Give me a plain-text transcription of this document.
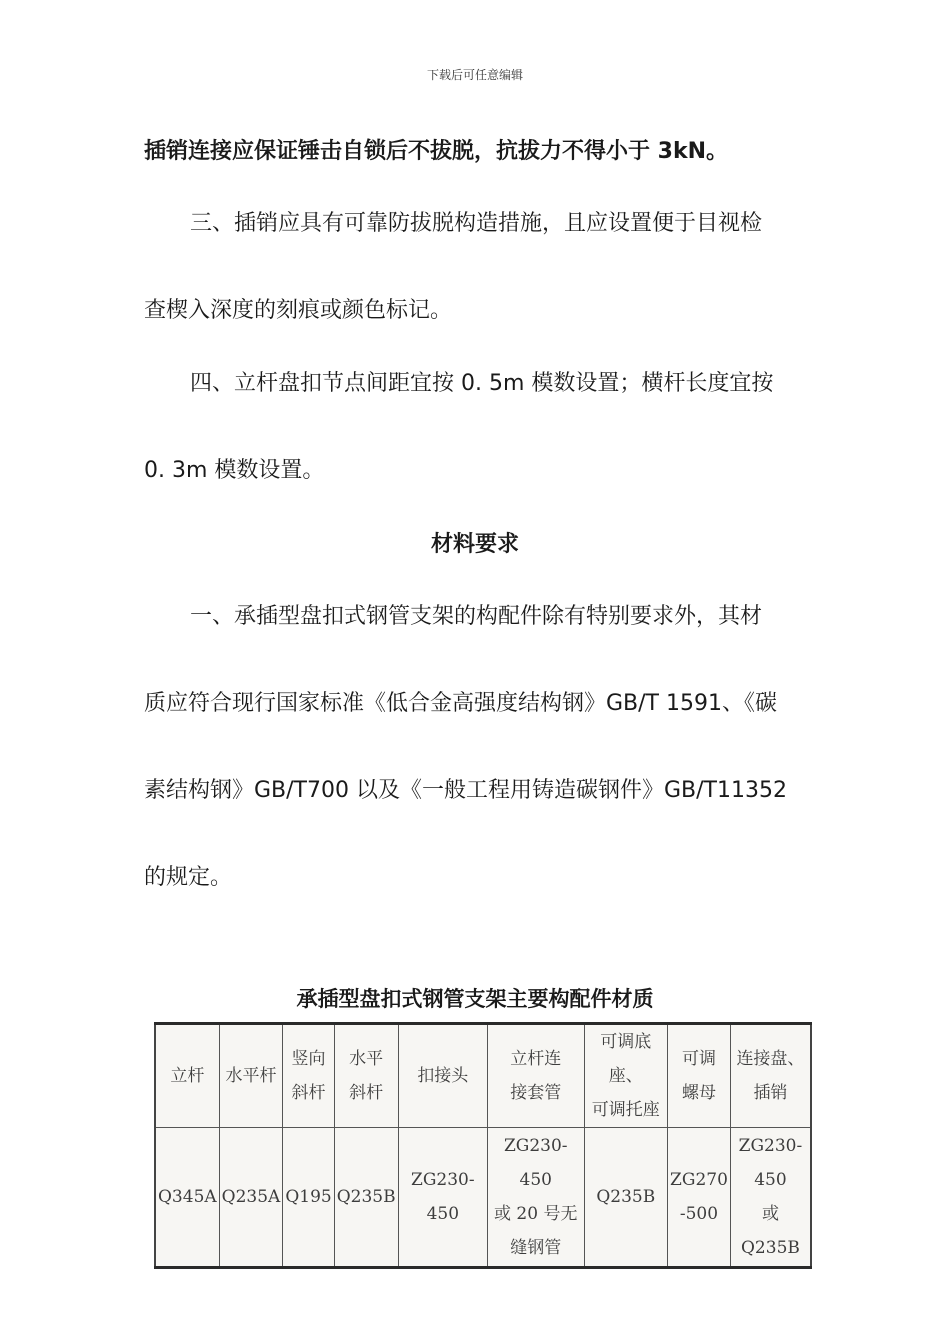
下载后可任意编辑
插销连接应保证锤击自锁后不拔脱，抗拔力不得小于 3kN。
三、插销应具有可靠防拔脱构造措施，且应设置便于目视检
查楔入深度的刻痕或颜色标记。
四、立杆盘扣节点间距宜按 0. 5m 模数设置；横杆长度宜按
0. 3m 模数设置。
材料要求
一、承插型盘扣式钢管支架的构配件除有特别要求外，其材
质应符合现行国家标准《低合金高强度结构钢》GB/T 1591、《碳
素结构钢》GB/T700 以及《一般工程用铸造碳钢件》GB/T11352
的规定。
承插型盘扣式钢管支架主要构配件材质
立杆	水平杆	竖向
斜杆	水平
斜杆	扣接头	立杆连
接套管	可调底座、
可调托座	可调
螺母	连接盘、
插销
Q345A	Q235A	Q195	Q235B	ZG230-450	ZG230-450
或 20 号无
缝钢管	Q235B	ZG270
-500	ZG230-450
或 Q235B
